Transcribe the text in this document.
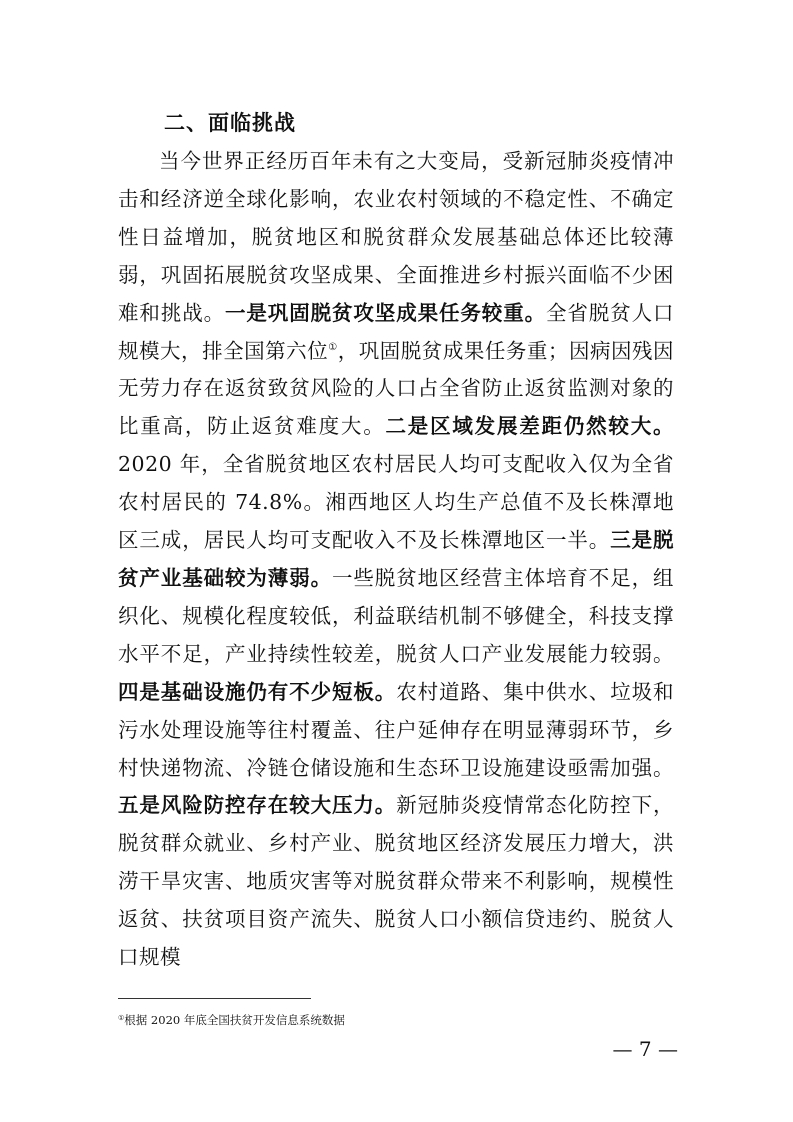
二、面临挑战

当今世界正经历百年未有之大变局，受新冠肺炎疫情冲击和经济逆全球化影响，农业农村领域的不稳定性、不确定性日益增加，脱贫地区和脱贫群众发展基础总体还比较薄弱，巩固拓展脱贫攻坚成果、全面推进乡村振兴面临不少困难和挑战。一是巩固脱贫攻坚成果任务较重。全省脱贫人口规模大，排全国第六位①，巩固脱贫成果任务重；因病因残因无劳力存在返贫致贫风险的人口占全省防止返贫监测对象的比重高，防止返贫难度大。二是区域发展差距仍然较大。2020 年，全省脱贫地区农村居民人均可支配收入仅为全省农村居民的 74.8%。湘西地区人均生产总值不及长株潭地区三成，居民人均可支配收入不及长株潭地区一半。三是脱贫产业基础较为薄弱。一些脱贫地区经营主体培育不足，组织化、规模化程度较低，利益联结机制不够健全，科技支撑水平不足，产业持续性较差，脱贫人口产业发展能力较弱。四是基础设施仍有不少短板。农村道路、集中供水、垃圾和污水处理设施等往村覆盖、往户延伸存在明显薄弱环节，乡村快递物流、冷链仓储设施和生态环卫设施建设亟需加强。五是风险防控存在较大压力。新冠肺炎疫情常态化防控下，脱贫群众就业、乡村产业、脱贫地区经济发展压力增大，洪涝干旱灾害、地质灾害等对脱贫群众带来不利影响，规模性返贫、扶贫项目资产流失、脱贫人口小额信贷违约、脱贫人口规模

①根据 2020 年底全国扶贫开发信息系统数据

— 7 —
